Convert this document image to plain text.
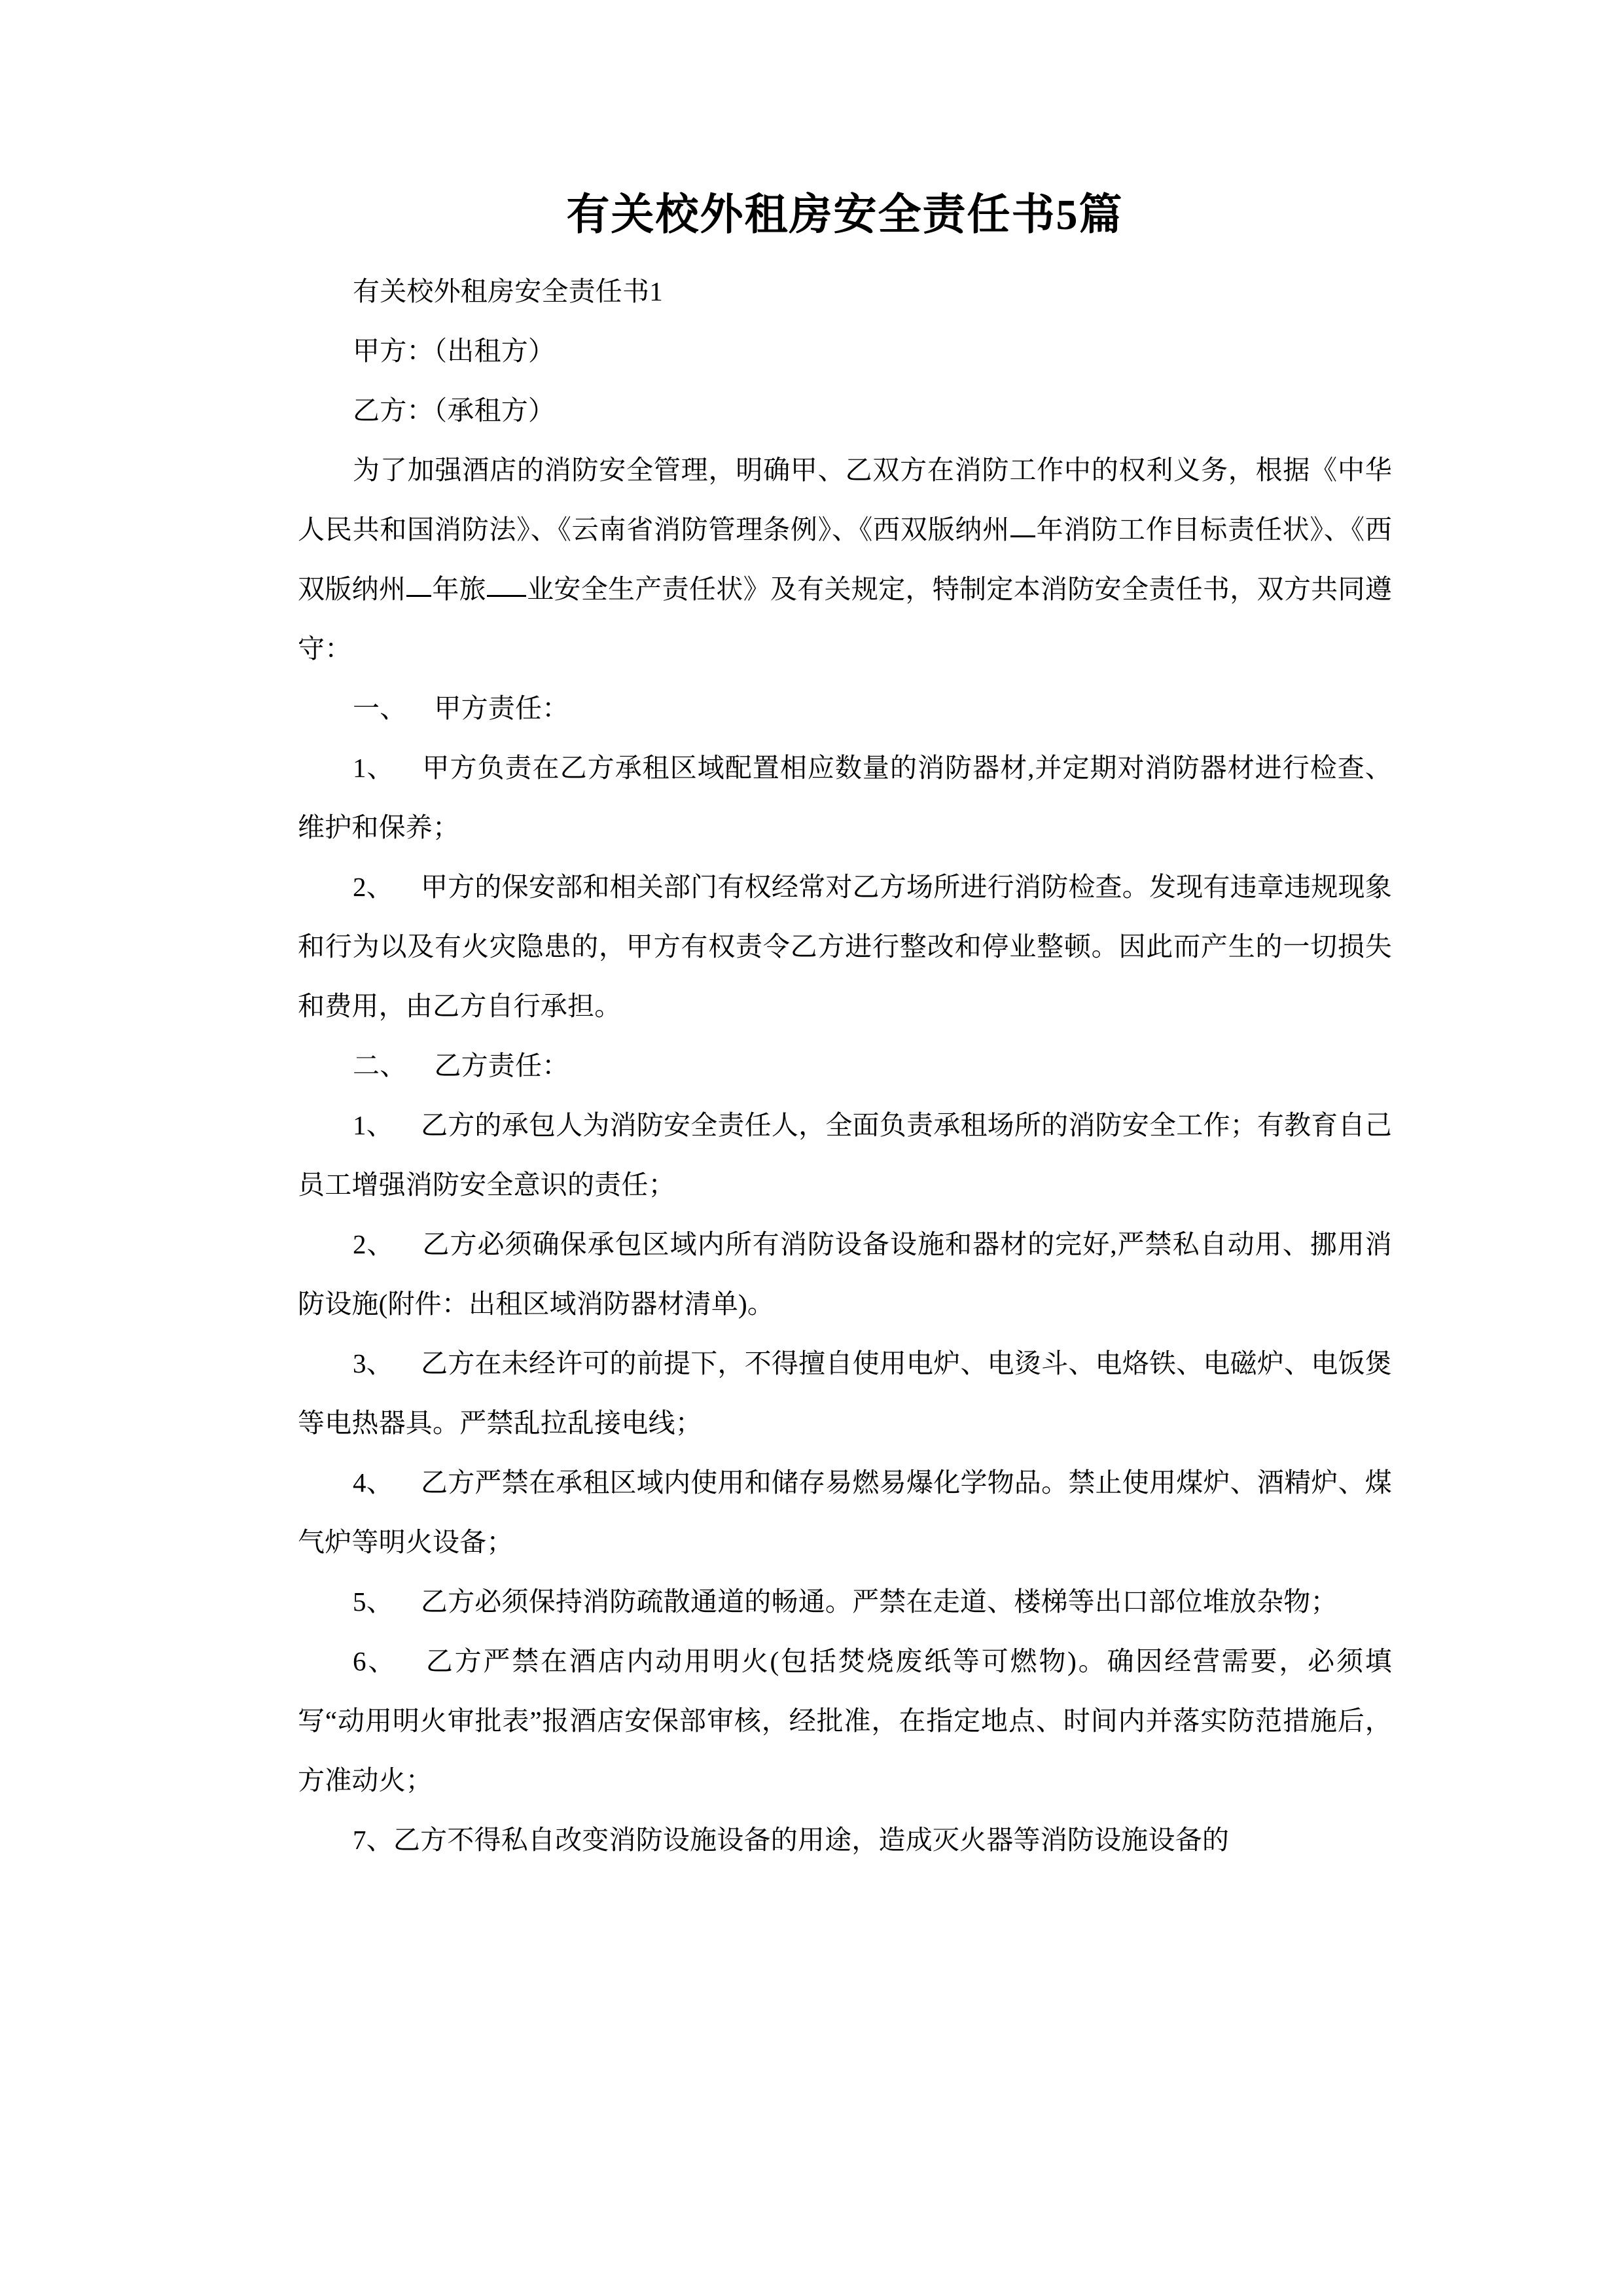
有关校外租房安全责任书5篇

有关校外租房安全责任书1

甲方：（出租方）

乙方：（承租方）

为了加强酒店的消防安全管理，明确甲、乙双方在消防工作中的权利义务，根据《中华人民共和国消防法》、《云南省消防管理条例》、《西双版纳州 年消防工作目标责任状》、《西双版纳州 年旅 业安全生产责任状》及有关规定，特制定本消防安全责任书，双方共同遵守：

一、 甲方责任：

1、 甲方负责在乙方承租区域配置相应数量的消防器材,并定期对消防器材进行检查、维护和保养；

2、 甲方的保安部和相关部门有权经常对乙方场所进行消防检查。发现有违章违规现象和行为以及有火灾隐患的，甲方有权责令乙方进行整改和停业整顿。因此而产生的一切损失和费用，由乙方自行承担。

二、 乙方责任：

1、 乙方的承包人为消防安全责任人，全面负责承租场所的消防安全工作；有教育自己员工增强消防安全意识的责任；

2、 乙方必须确保承包区域内所有消防设备设施和器材的完好,严禁私自动用、挪用消防设施(附件：出租区域消防器材清单)。

3、 乙方在未经许可的前提下，不得擅自使用电炉、电烫斗、电烙铁、电磁炉、电饭煲等电热器具。严禁乱拉乱接电线；

4、 乙方严禁在承租区域内使用和储存易燃易爆化学物品。禁止使用煤炉、酒精炉、煤气炉等明火设备；

5、 乙方必须保持消防疏散通道的畅通。严禁在走道、楼梯等出口部位堆放杂物；

6、 乙方严禁在酒店内动用明火(包括焚烧废纸等可燃物)。确因经营需要，必须填写“动用明火审批表”报酒店安保部审核，经批准，在指定地点、时间内并落实防范措施后，方准动火；

7、乙方不得私自改变消防设施设备的用途，造成灭火器等消防设施设备的
